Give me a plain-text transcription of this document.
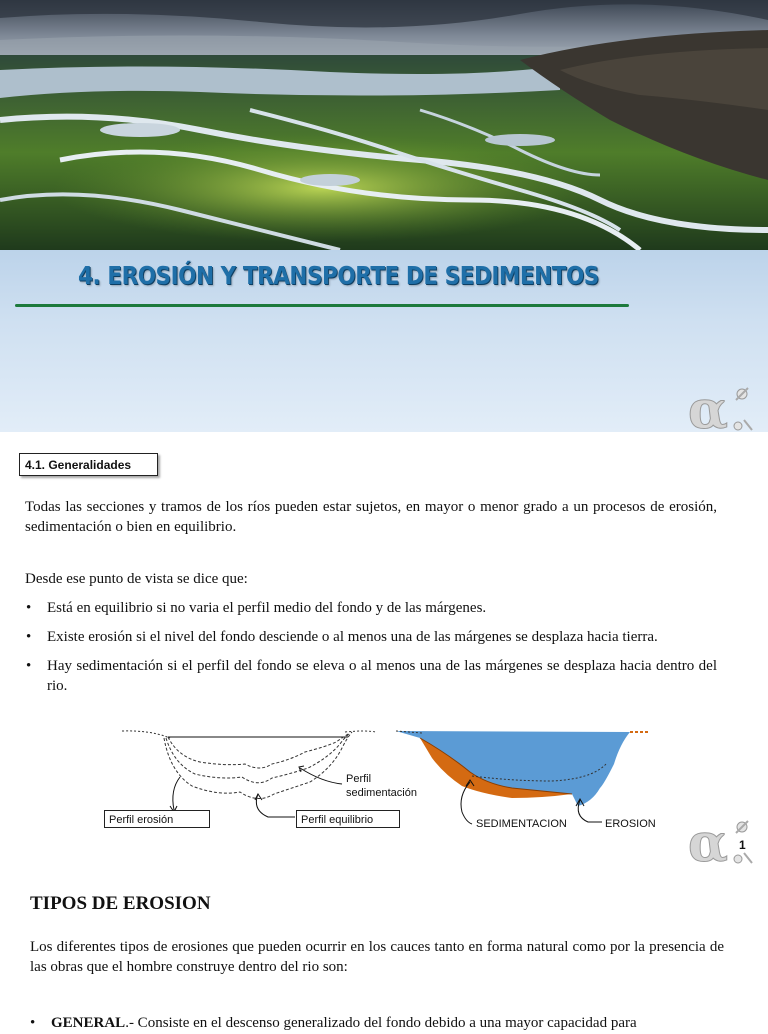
4. EROSIÓN Y TRANSPORTE DE SEDIMENTOS
α
4.1. Generalidades
Todas las secciones y tramos de los ríos pueden estar sujetos, en mayor o menor grado a un procesos de erosión, sedimentación o bien en equilibrio.
Desde ese punto de vista se dice que:
• Está en equilibrio si no varia el perfil medio del fondo y de las márgenes.
• Existe erosión si el nivel del fondo desciende o al menos una de las márgenes se desplaza hacia tierra.
• Hay sedimentación si el perfil del fondo se eleva o al menos una de las márgenes se desplaza hacia dentro del rio.
Perfil
sedimentación
Perfil erosión	Perfil equilibrio	SEDIMENTACION	EROSION α 1
TIPOS DE EROSION
Los diferentes tipos de erosiones que pueden ocurrir en los cauces tanto en forma natural como por la presencia de las obras que el hombre construye dentro del rio son:
• GENERAL.- Consiste en el descenso generalizado del fondo debido a una mayor capacidad para
